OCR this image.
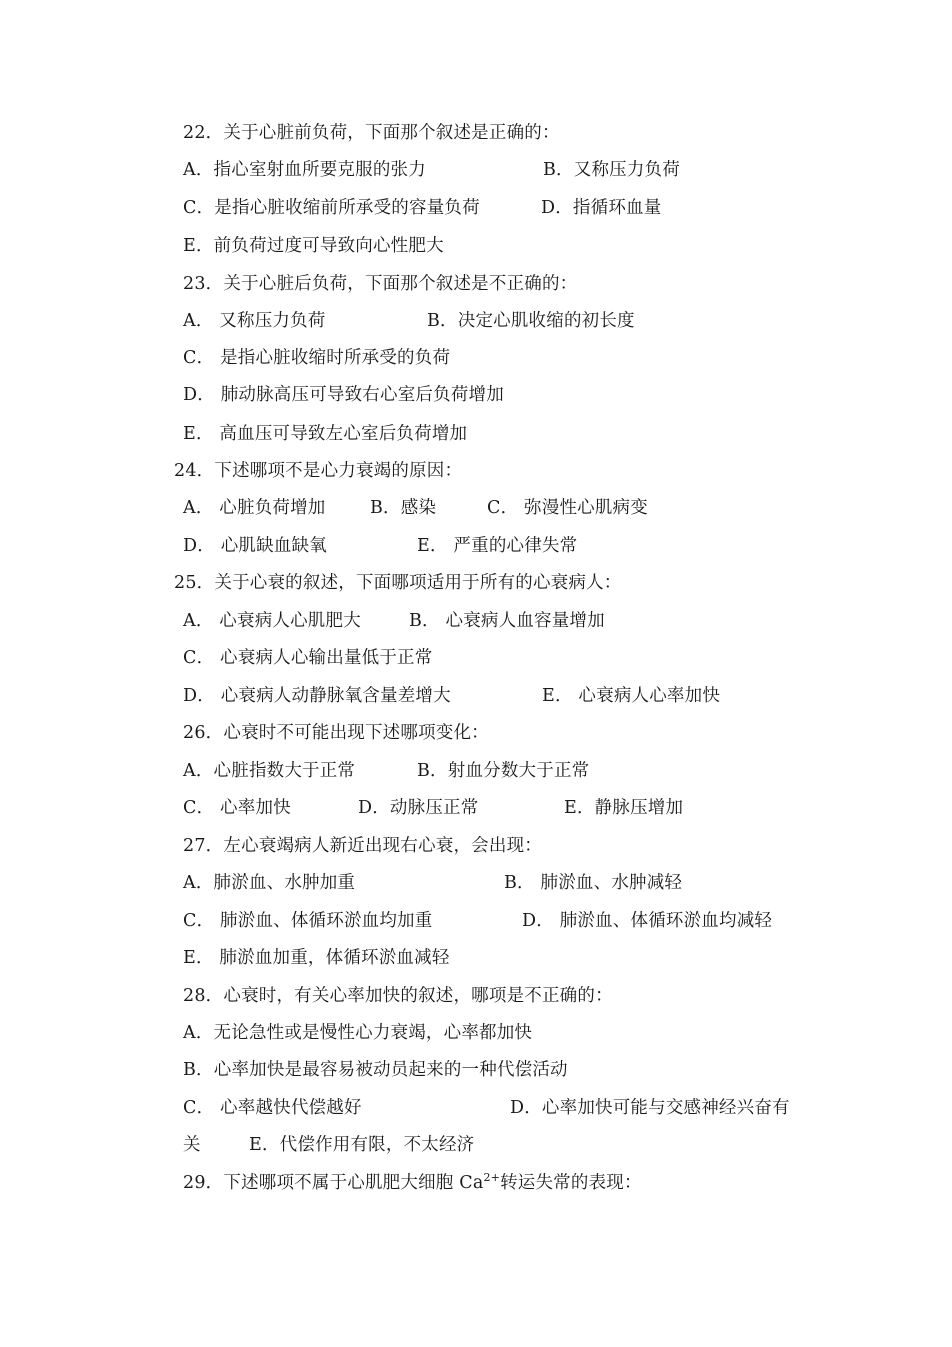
22．关于心脏前负荷，下面那个叙述是正确的：
A．指心室射血所要克服的张力	B．又称压力负荷
C．是指心脏收缩前所承受的容量负荷	D．指循环血量
E．前负荷过度可导致向心性肥大
23．关于心脏后负荷，下面那个叙述是不正确的：
A． 又称压力负荷	B．决定心肌收缩的初长度
C． 是指心脏收缩时所承受的负荷
D． 肺动脉高压可导致右心室后负荷增加
E． 高血压可导致左心室后负荷增加
24．下述哪项不是心力衰竭的原因：
A． 心脏负荷增加	B．感染	C． 弥漫性心肌病变
D． 心肌缺血缺氧	E． 严重的心律失常
25．关于心衰的叙述，下面哪项适用于所有的心衰病人：
A． 心衰病人心肌肥大	B． 心衰病人血容量增加
C． 心衰病人心输出量低于正常
D． 心衰病人动静脉氧含量差增大	E． 心衰病人心率加快
26．心衰时不可能出现下述哪项变化：
A．心脏指数大于正常	B．射血分数大于正常
C． 心率加快	D．动脉压正常	E．静脉压增加
27．左心衰竭病人新近出现右心衰，会出现：
A．肺淤血、水肿加重	B． 肺淤血、水肿减轻
C． 肺淤血、体循环淤血均加重	D． 肺淤血、体循环淤血均减轻
E． 肺淤血加重，体循环淤血减轻
28．心衰时，有关心率加快的叙述，哪项是不正确的：
A．无论急性或是慢性心力衰竭，心率都加快
B．心率加快是最容易被动员起来的一种代偿活动
C． 心率越快代偿越好	D．心率加快可能与交感神经兴奋有
关	E．代偿作用有限，不太经济
29．下述哪项不属于心肌肥大细胞 $Ca^{2+}$转运失常的表现：
